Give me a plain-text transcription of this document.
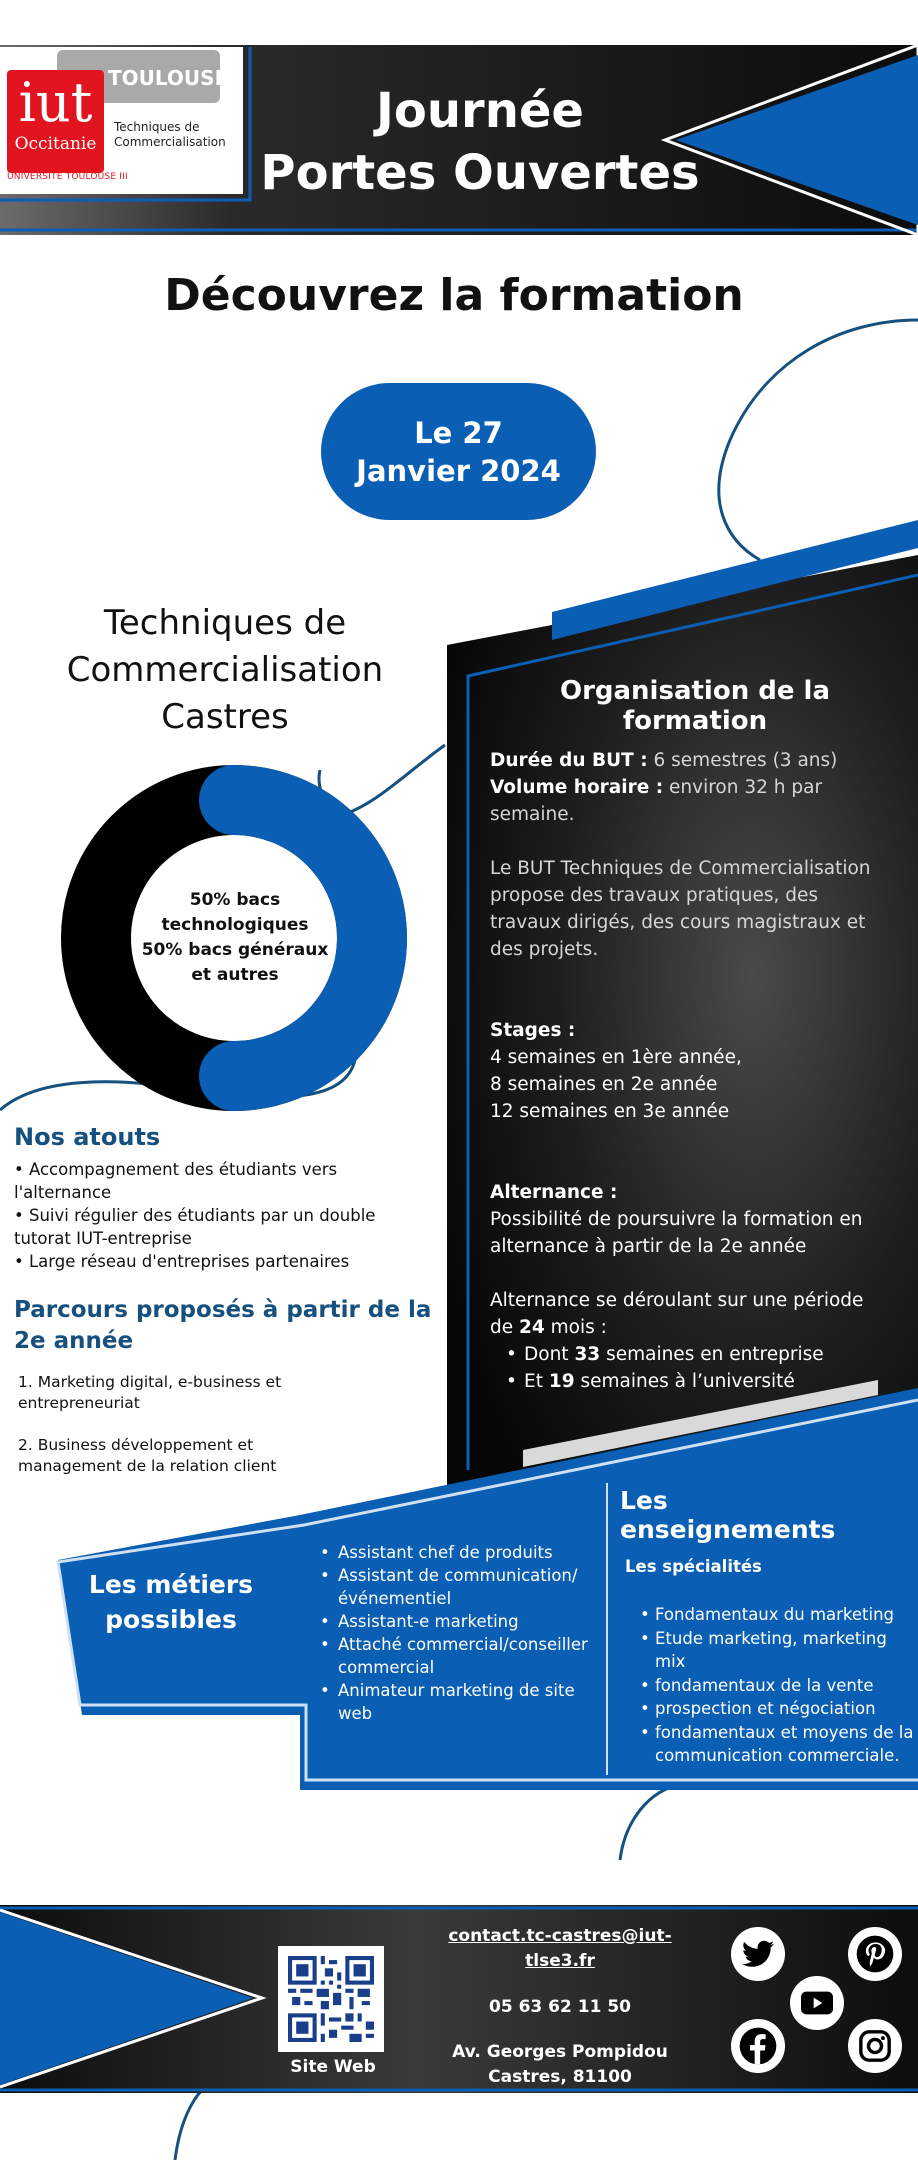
TOULOUSE
iut
Occitanie
Techniques de
Commercialisation
UNIVERSITÉ TOULOUSE III
Journée
Portes Ouvertes
Découvrez la formation
Le 27
Janvier 2024
Techniques de
Commercialisation
Castres
50% bacs
technologiques
50% bacs généraux
et autres
Nos atouts
• Accompagnement des étudiants vers l'alternance
• Suivi régulier des étudiants par un double tutorat IUT-entreprise
• Large réseau d'entreprises partenaires
Parcours proposés à partir de la 2e année

1. Marketing digital, e-business et entrepreneuriat

2. Business développement et management de la relation client

Organisation de la formation
Durée du BUT : 6 semestres (3 ans)
Volume horaire : environ 32 h par semaine.
Le BUT Techniques de Commercialisation propose des travaux pratiques, des travaux dirigés, des cours magistraux et des projets.
Stages :
4 semaines en 1ère année,
8 semaines en 2e année
12 semaines en 3e année
Alternance :
Possibilité de poursuivre la formation en alternance à partir de la 2e année
Alternance se déroulant sur une période de 24 mois :
• Dont 33 semaines en entreprise
• Et 19 semaines à l’université
Les métiers
possibles
• Assistant chef de produits
• Assistant de communication/ événementiel
• Assistant-e marketing
• Attaché commercial/conseiller commercial
• Animateur marketing de site web
Les enseignements
Les spécialités
• Fondamentaux du marketing
• Etude marketing, marketing mix
• fondamentaux de la vente
• prospection et négociation
• fondamentaux et moyens de la communication commerciale.
Site Web
contact.tc-castres@iut-
tlse3.fr
05 63 62 11 50
Av. Georges Pompidou
Castres, 81100
